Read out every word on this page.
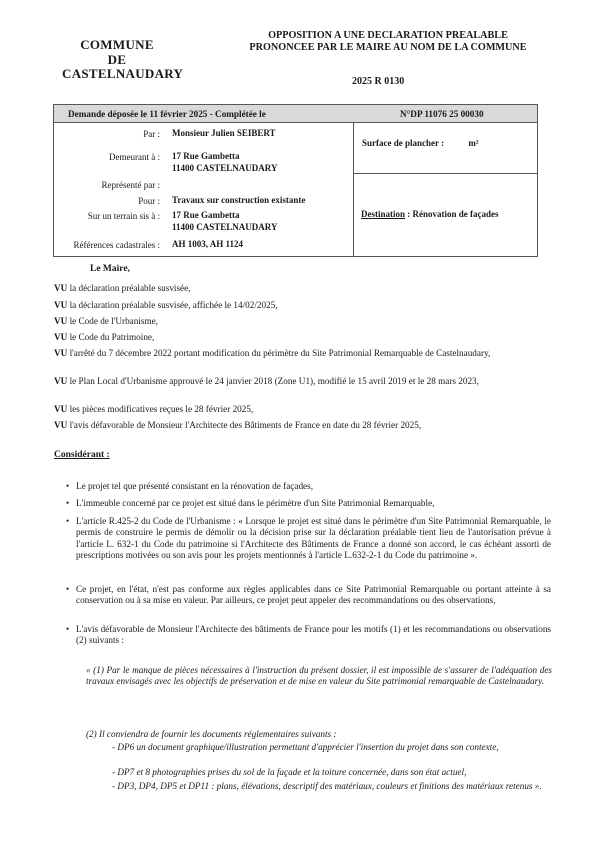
COMMUNE
DE
CASTELNAUDARY
OPPOSITION A UNE DECLARATION PREALABLE
PRONONCEE PAR LE MAIRE AU NOM DE LA COMMUNE
2025 R 0130
Demande déposée le 11 février 2025 - Complétée le	N°DP 11076 25 00030
Par : Monsieur Julien SEIBERT
Demeurant à : 17 Rue Gambetta
11400 CASTELNAUDARY
Représenté par :
Pour : Travaux sur construction existante
Sur un terrain sis à : 17 Rue Gambetta
11400 CASTELNAUDARY
Références cadastrales : AH 1003, AH 1124
Surface de plancher :	m²
Destination : Rénovation de façades
Le Maire,
VU la déclaration préalable susvisée,
VU la déclaration préalable susvisée, affichée le 14/02/2025,
VU le Code de l'Urbanisme,
VU le Code du Patrimoine,
VU l'arrêté du 7 décembre 2022 portant modification du périmètre du Site Patrimonial Remarquable de Castelnaudary,
VU le Plan Local d'Urbanisme approuvé le 24 janvier 2018 (Zone U1), modifié le 15 avril 2019 et le 28 mars 2023,
VU les pièces modificatives reçues le 28 février 2025,
VU l'avis défavorable de Monsieur l'Architecte des Bâtiments de France en date du 28 février 2025,
Considérant :
• Le projet tel que présenté consistant en la rénovation de façades,
• L'immeuble concerné par ce projet est situé dans le périmètre d'un Site Patrimonial Remarquable,
• L'article R.425-2 du Code de l'Urbanisme : « Lorsque le projet est situé dans le périmètre d'un Site Patrimonial Remarquable, le permis de construire le permis de démolir ou la décision prise sur la déclaration préalable tient lieu de l'autorisation prévue à l'article L. 632-1 du Code du patrimoine si l'Architecte des Bâtiments de France a donné son accord, le cas échéant assorti de prescriptions motivées ou son avis pour les projets mentionnés à l'article L.632-2-1 du Code du patrimoine ».
• Ce projet, en l'état, n'est pas conforme aux règles applicables dans ce Site Patrimonial Remarquable ou portant atteinte à sa conservation ou à sa mise en valeur. Par ailleurs, ce projet peut appeler des recommandations ou des observations,
• L'avis défavorable de Monsieur l'Architecte des bâtiments de France pour les motifs (1) et les recommandations ou observations (2) suivants :
« (1) Par le manque de pièces nécessaires à l'instruction du présent dossier, il est impossible de s'assurer de l'adéquation des travaux envisagés avec les objectifs de préservation et de mise en valeur du Site patrimonial remarquable de Castelnaudary.
(2) Il conviendra de fournir les documents réglementaires suivants :
- DP6 un document graphique/illustration permettant d'apprécier l'insertion du projet dans son contexte,
- DP7 et 8 photographies prises du sol de la façade et la toiture concernée, dans son état actuel,
- DP3, DP4, DP5 et DP11 : plans, élévations, descriptif des matériaux, couleurs et finitions des matériaux retenus ».
